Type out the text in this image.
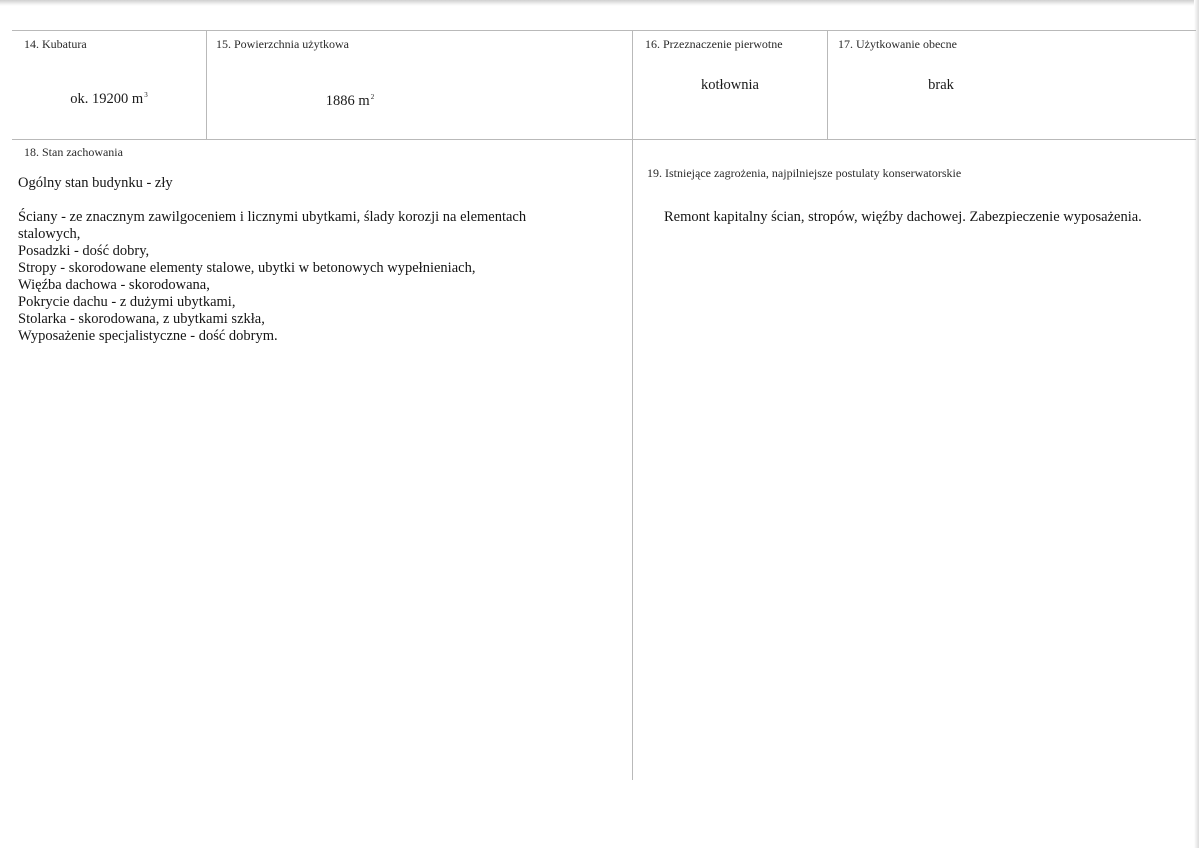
14. Kubatura
ok. 19200 $m^3$
15. Powierzchnia użytkowa
1886 $m^2$
16. Przeznaczenie pierwotne
kotłownia
17. Użytkowanie obecne
brak
18. Stan zachowania
Ogólny stan budynku - zły
Ściany - ze znacznym zawilgoceniem i licznymi ubytkami, ślady korozji na elementach
stalowych,
Posadzki - dość dobry,
Stropy - skorodowane elementy stalowe, ubytki w betonowych wypełnieniach,
Więźba dachowa - skorodowana,
Pokrycie dachu - z dużymi ubytkami,
Stolarka - skorodowana, z ubytkami szkła,
Wyposażenie specjalistyczne - dość dobrym.
19. Istniejące zagrożenia, najpilniejsze postulaty konserwatorskie
Remont kapitalny ścian, stropów, więźby dachowej. Zabezpieczenie wyposażenia.
